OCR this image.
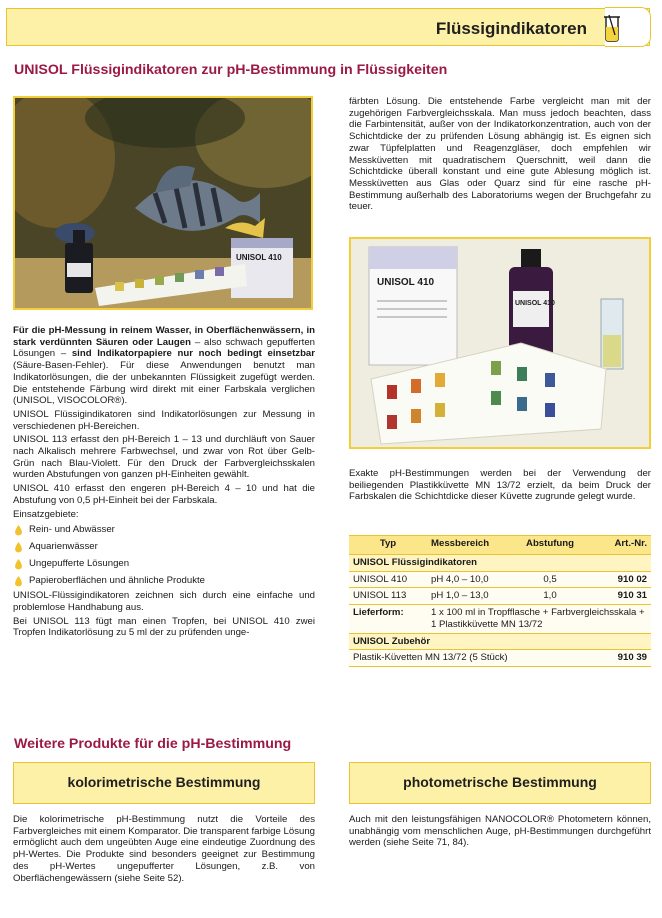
Flüssigindikatoren
UNISOL Flüssigindikatoren zur pH-Bestimmung in Flüssigkeiten
UNISOL 410

Für die pH-Messung in reinem Wasser, in Oberflächenwässern, in stark verdünnten Säuren oder Laugen – also schwach gepufferten Lösungen – sind Indikatorpapiere nur noch bedingt einsetzbar (Säure-Basen-Fehler). Für diese Anwendungen benutzt man Indikatorlösungen, die der unbekannten Flüssigkeit zugefügt werden. Die entstehende Färbung wird direkt mit einer Farbskala verglichen (UNISOL, VISOCOLOR®).

UNISOL Flüssigindikatoren sind Indikatorlösungen zur Messung in verschiedenen pH-Bereichen.

UNISOL 113 erfasst den pH-Bereich 1 – 13 und durchläuft von Sauer nach Alkalisch mehrere Farbwechsel, und zwar von Rot über Gelb-Grün nach Blau-Violett. Für den Druck der Farbvergleichsskalen wurden Abstufungen von ganzen pH-Einheiten gewählt.

UNISOL 410 erfasst den engeren pH-Bereich 4 – 10 und hat die Abstufung von 0,5 pH-Einheit bei der Farbskala.

Einsatzgebiete:

Rein- und Abwässer
Aquarienwässer
Ungepufferte Lösungen
Papieroberflächen und ähnliche Produkte

UNISOL-Flüssigindikatoren zeichnen sich durch eine einfache und problemlose Handhabung aus.

Bei UNISOL 113 fügt man einen Tropfen, bei UNISOL 410 zwei Tropfen Indikatorlösung zu 5 ml der zu prüfenden unge-

färbten Lösung. Die entstehende Farbe vergleicht man mit der zugehörigen Farbvergleichsskala. Man muss jedoch beachten, dass die Farbintensität, außer von der Indikatorkonzentration, auch von der Schichtdicke der zu prüfenden Lösung abhängig ist. Es eignen sich zwar Tüpfelplatten und Reagenzgläser, doch empfehlen wir Messküvetten mit quadratischem Querschnitt, weil dann die Schichtdicke überall konstant und eine gute Ablesung möglich ist. Messküvetten aus Glas oder Quarz sind für eine rasche pH-Bestimmung außerhalb des Laboratoriums wegen der Bruchgefahr zu teuer.

UNISOL 410
UNISOL 410

Exakte pH-Bestimmungen werden bei der Verwendung der beiliegenden Plastikküvette MN 13/72 erzielt, da beim Druck der Farbskalen die Schichtdicke dieser Küvette zugrunde gelegt wurde.

Typ	Messbereich	Abstufung	Art.-Nr.
UNISOL Flüssigindikatoren			
UNISOL 410	pH 4,0 – 10,0	0,5	910 02
UNISOL 113	pH 1,0 – 13,0	1,0	910 31
Lieferform:	1 x 100 ml in Tropfflasche + Farbvergleichsskala + 1 Plastikküvette MN 13/72		
UNISOL Zubehör			
Plastik-Küvetten MN 13/72 (5 Stück)			910 39
Weitere Produkte für die pH-Bestimmung
kolorimetrische Bestimmung	photometrische Bestimmung

Die kolorimetrische pH-Bestimmung nutzt die Vorteile des Farbvergleiches mit einem Komparator. Die transparent farbige Lösung ermöglicht auch dem ungeübten Auge eine eindeutige Zuordnung des pH-Wertes. Die Produkte sind besonders geeignet zur Bestimmung des pH-Wertes ungepufferter Lösungen, z.B. von Oberflächengewässern (siehe Seite 52).

Auch mit den leistungsfähigen NANOCOLOR® Photometern können, unabhängig vom menschlichen Auge, pH-Bestimmungen durchgeführt werden (siehe Seite 71, 84).
